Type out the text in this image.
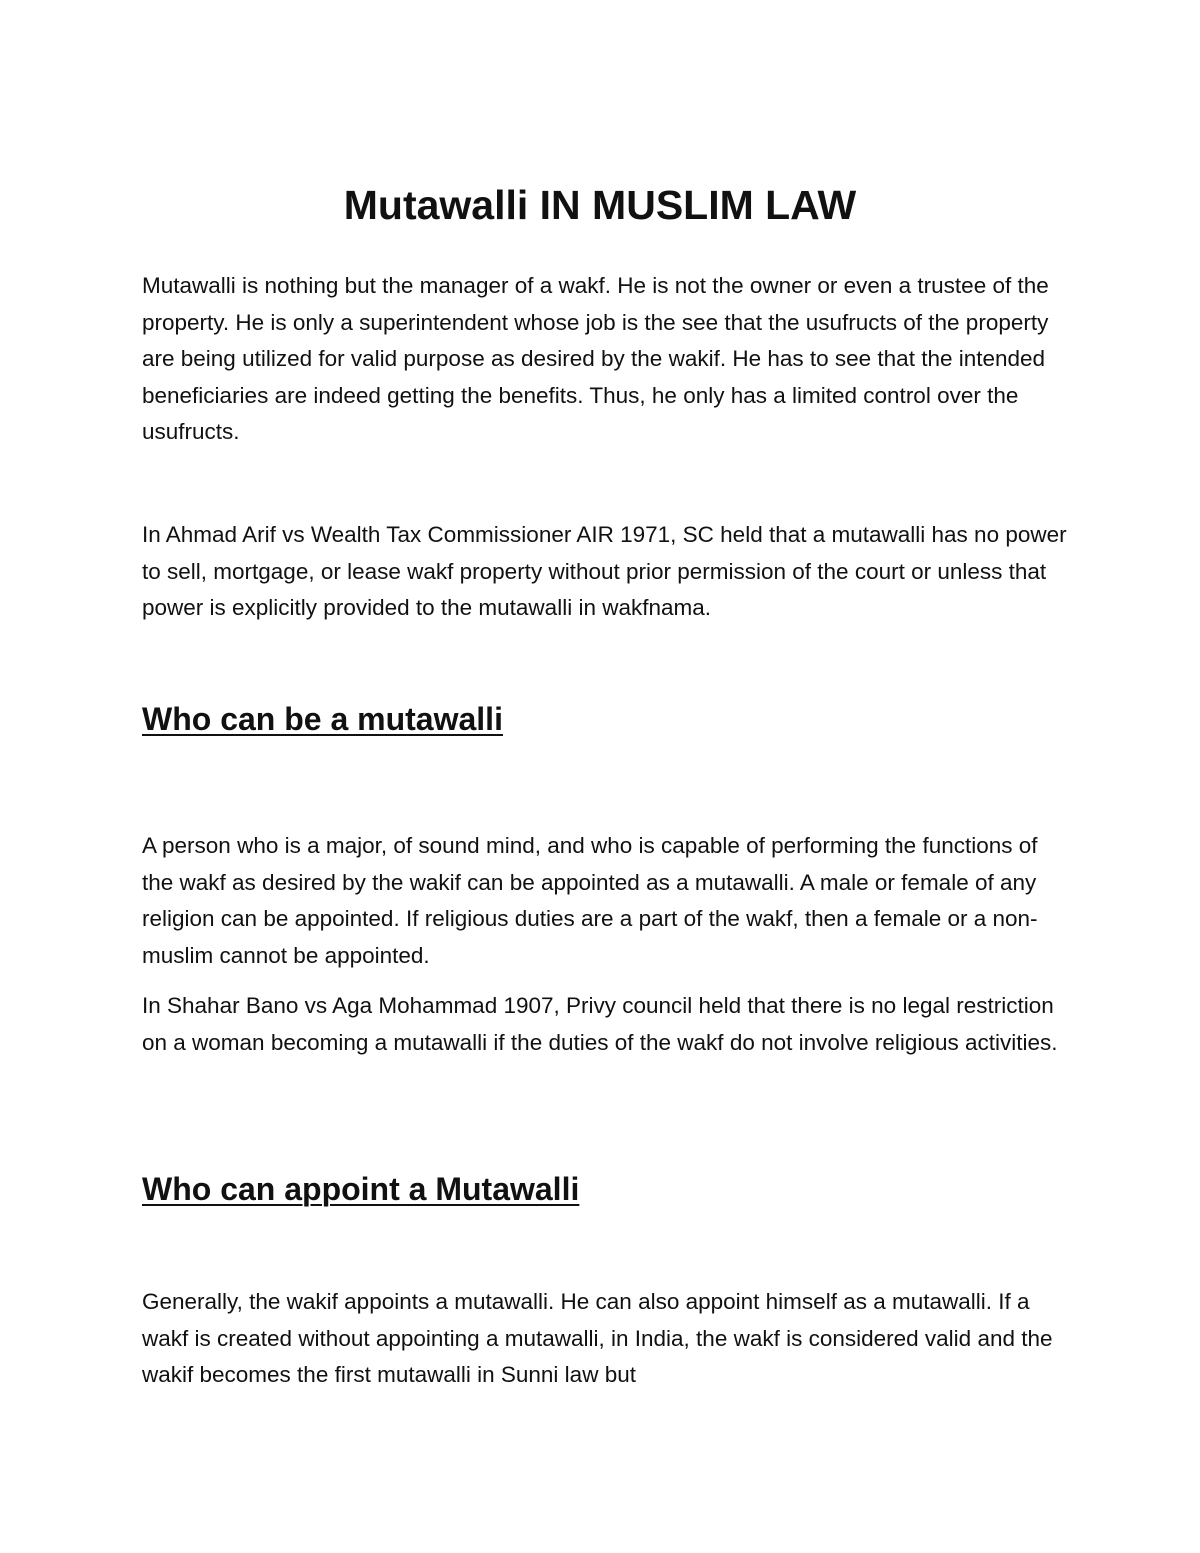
Mutawalli IN MUSLIM LAW

Mutawalli is nothing but the manager of a wakf. He is not the owner or even a trustee of the property. He is only a superintendent whose job is the see that the usufructs of the property are being utilized for valid purpose as desired by the wakif. He has to see that the intended beneficiaries are indeed getting the benefits. Thus, he only has a limited control over the usufructs.

In Ahmad Arif vs Wealth Tax Commissioner AIR 1971, SC held that a mutawalli has no power to sell, mortgage, or lease wakf property without prior permission of the court or unless that power is explicitly provided to the mutawalli in wakfnama.

Who can be a mutawalli

A person who is a major, of sound mind, and who is capable of performing the functions of the wakf as desired by the wakif can be appointed as a mutawalli. A male or female of any religion can be appointed. If religious duties are a part of the wakf, then a female or a non-muslim cannot be appointed.

In Shahar Bano vs Aga Mohammad 1907, Privy council held that there is no legal restriction on a woman becoming a mutawalli if the duties of the wakf do not involve religious activities.

Who can appoint a Mutawalli

Generally, the wakif appoints a mutawalli. He can also appoint himself as a mutawalli. If a wakf is created without appointing a mutawalli, in India, the wakf is considered valid and the wakif becomes the first mutawalli in Sunni law but
